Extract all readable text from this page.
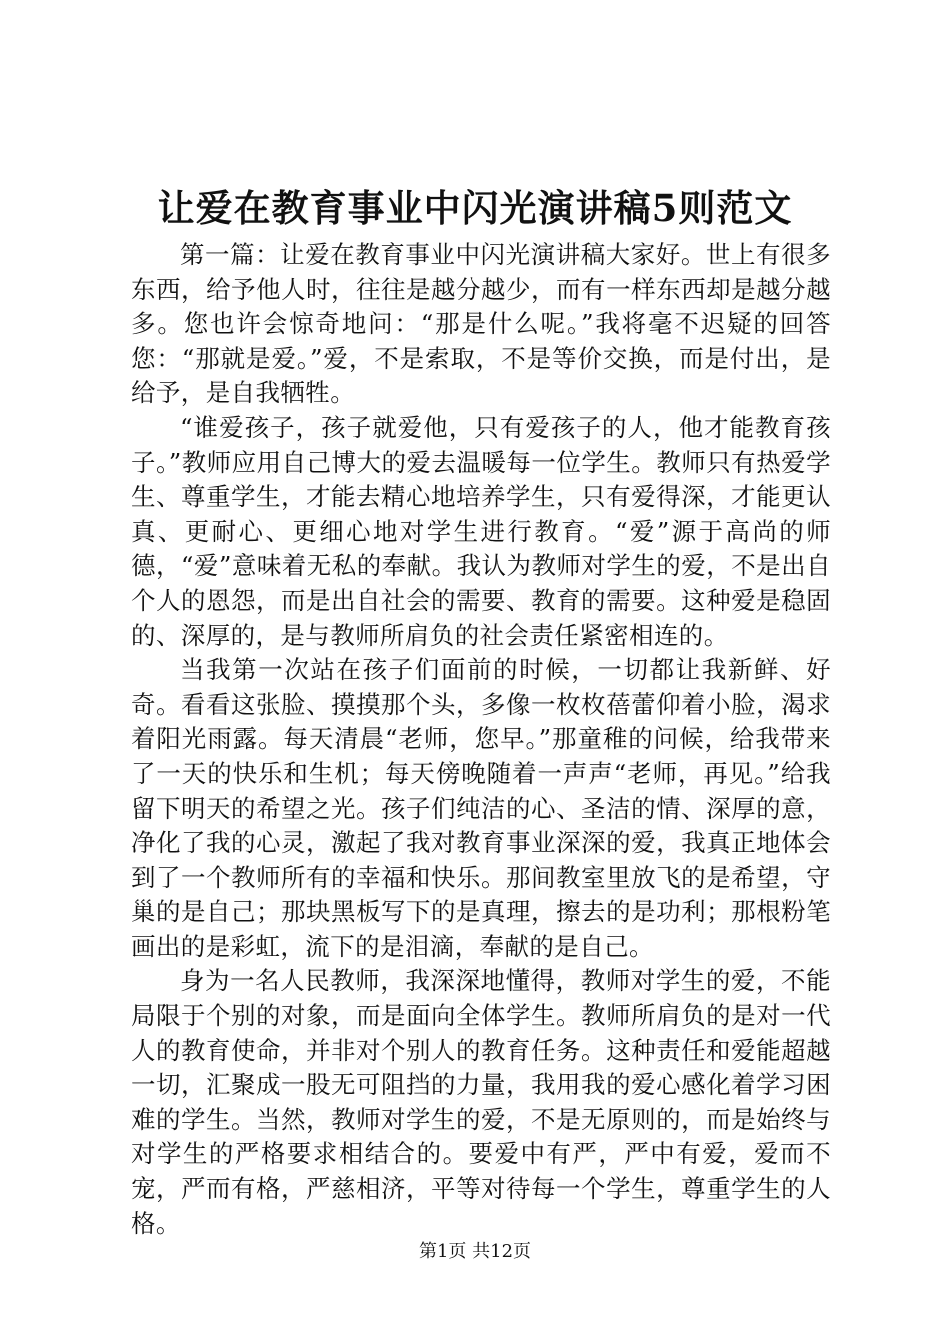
让爱在教育事业中闪光演讲稿5则范文

第一篇：让爱在教育事业中闪光演讲稿大家好。世上有很多东西，给予他人时，往往是越分越少，而有一样东西却是越分越多。您也许会惊奇地问：“那是什么呢。”我将毫不迟疑的回答您：“那就是爱。”爱，不是索取，不是等价交换，而是付出，是给予，是自我牺牲。

“谁爱孩子，孩子就爱他，只有爱孩子的人，他才能教育孩子。”教师应用自己博大的爱去温暖每一位学生。教师只有热爱学生、尊重学生，才能去精心地培养学生，只有爱得深，才能更认真、更耐心、更细心地对学生进行教育。“爱”源于高尚的师德，“爱”意味着无私的奉献。我认为教师对学生的爱，不是出自个人的恩怨，而是出自社会的需要、教育的需要。这种爱是稳固的、深厚的，是与教师所肩负的社会责任紧密相连的。

当我第一次站在孩子们面前的时候，一切都让我新鲜、好奇。看看这张脸、摸摸那个头，多像一枚枚蓓蕾仰着小脸，渴求着阳光雨露。每天清晨“老师，您早。”那童稚的问候，给我带来了一天的快乐和生机；每天傍晚随着一声声“老师，再见。”给我留下明天的希望之光。孩子们纯洁的心、圣洁的情、深厚的意，净化了我的心灵，激起了我对教育事业深深的爱，我真正地体会到了一个教师所有的幸福和快乐。那间教室里放飞的是希望，守巢的是自己；那块黑板写下的是真理，擦去的是功利；那根粉笔画出的是彩虹，流下的是泪滴，奉献的是自己。

身为一名人民教师，我深深地懂得，教师对学生的爱，不能局限于个别的对象，而是面向全体学生。教师所肩负的是对一代人的教育使命，并非对个别人的教育任务。这种责任和爱能超越一切，汇聚成一股无可阻挡的力量，我用我的爱心感化着学习困难的学生。当然，教师对学生的爱，不是无原则的，而是始终与对学生的严格要求相结合的。要爱中有严，严中有爱，爱而不宠，严而有格，严慈相济，平等对待每一个学生，尊重学生的人格。

第1页 共12页
